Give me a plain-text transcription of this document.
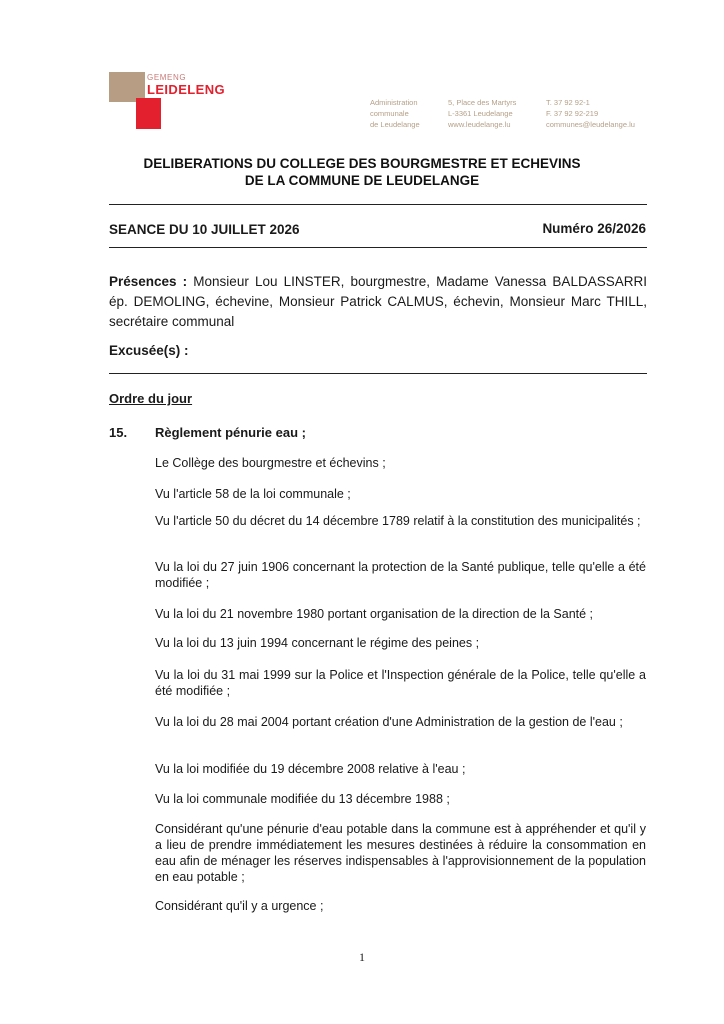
GEMENG
LEIDELENG
Administration
communale
de Leudelange
5, Place des Martyrs
L-3361 Leudelange
www.leudelange.lu
T. 37 92 92-1
F. 37 92 92-219
communes@leudelange.lu
DELIBERATIONS DU COLLEGE DES BOURGMESTRE ET ECHEVINS
DE LA COMMUNE DE LEUDELANGE
SEANCE DU 10 JUILLET 2026	Numéro 26/2026
Présences : Monsieur Lou LINSTER, bourgmestre, Madame Vanessa BALDASSARRI ép. DEMOLING, échevine, Monsieur Patrick CALMUS, échevin, Monsieur Marc THILL, secrétaire communal
Excusée(s) :
Ordre du jour
15. Règlement pénurie eau ;
Le Collège des bourgmestre et échevins ;
Vu l'article 58 de la loi communale ;
Vu l'article 50 du décret du 14 décembre 1789 relatif à la constitution des municipalités ;
Vu la loi du 27 juin 1906 concernant la protection de la Santé publique, telle qu'elle a été modifiée ;
Vu la loi du 21 novembre 1980 portant organisation de la direction de la Santé ;
Vu la loi du 13 juin 1994 concernant le régime des peines ;
Vu la loi du 31 mai 1999 sur la Police et l'Inspection générale de la Police, telle qu'elle a été modifiée ;
Vu la loi du 28 mai 2004 portant création d'une Administration de la gestion de l'eau ;
Vu la loi modifiée du 19 décembre 2008 relative à l'eau ;
Vu la loi communale modifiée du 13 décembre 1988 ;
Considérant qu'une pénurie d'eau potable dans la commune est à appréhender et qu'il y a lieu de prendre immédiatement les mesures destinées à réduire la consommation en eau afin de ménager les réserves indispensables à l'approvisionnement de la population en eau potable ;
Considérant qu'il y a urgence ;
1
